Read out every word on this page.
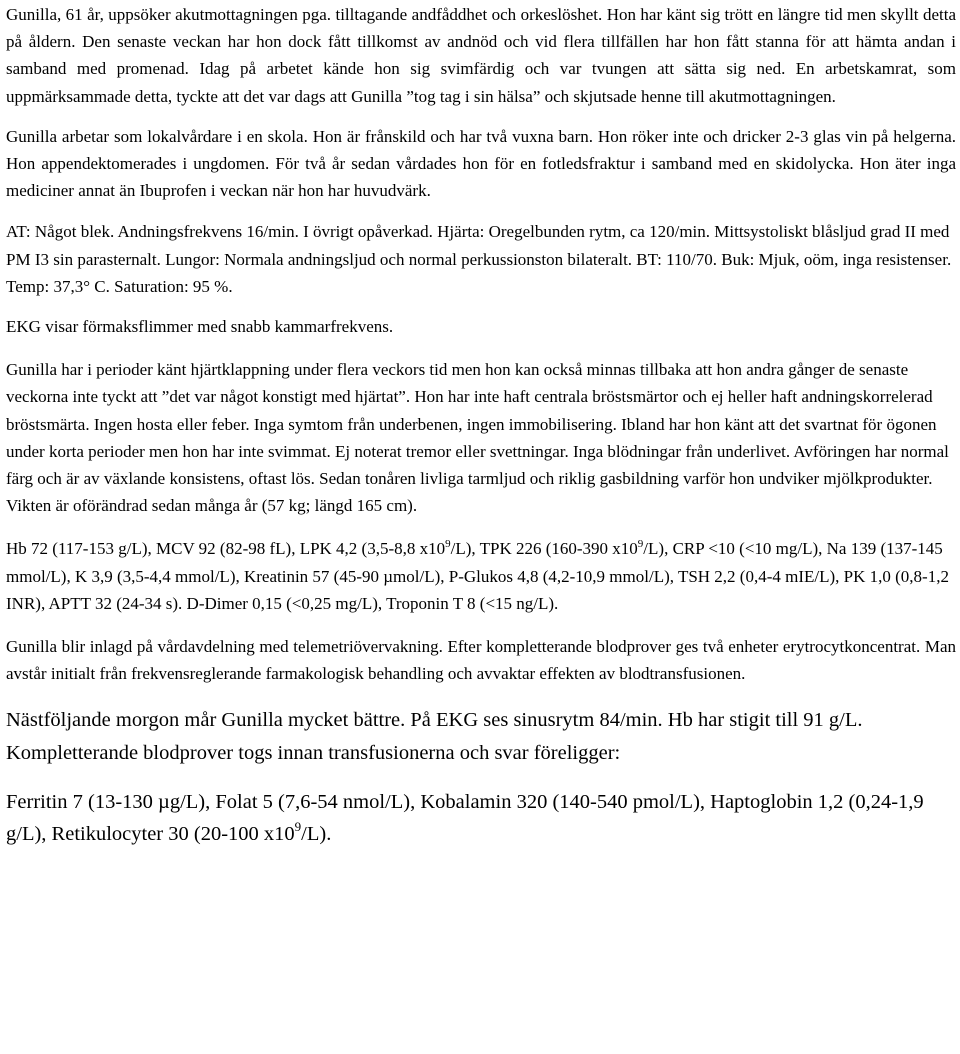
Gunilla, 61 år, uppsöker akutmottagningen pga. tilltagande andfåddhet och orkeslöshet. Hon har känt sig trött en längre tid men skyllt detta på åldern. Den senaste veckan har hon dock fått tillkomst av andnöd och vid flera tillfällen har hon fått stanna för att hämta andan i samband med promenad. Idag på arbetet kände hon sig svimfärdig och var tvungen att sätta sig ned. En arbetskamrat, som uppmärksammade detta, tyckte att det var dags att Gunilla ”tog tag i sin hälsa” och skjutsade henne till akutmottagningen.

Gunilla arbetar som lokalvårdare i en skola. Hon är frånskild och har två vuxna barn. Hon röker inte och dricker 2-3 glas vin på helgerna. Hon appendektomerades i ungdomen. För två år sedan vårdades hon för en fotledsfraktur i samband med en skidolycka. Hon äter inga mediciner annat än Ibuprofen i veckan när hon har huvudvärk.

AT: Något blek. Andningsfrekvens 16/min. I övrigt opåverkad. Hjärta: Oregelbunden rytm, ca 120/min. Mittsystoliskt blåsljud grad II med PM I3 sin parasternalt. Lungor: Normala andningsljud och normal perkussionston bilateralt. BT: 110/70. Buk: Mjuk, oöm, inga resistenser. Temp: 37,3° C. Saturation: 95 %.

EKG visar förmaksflimmer med snabb kammarfrekvens.

Gunilla har i perioder känt hjärtklappning under flera veckors tid men hon kan också minnas tillbaka att hon andra gånger de senaste veckorna inte tyckt att ”det var något konstigt med hjärtat”. Hon har inte haft centrala bröstsmärtor och ej heller haft andningskorrelerad bröstsmärta. Ingen hosta eller feber. Inga symtom från underbenen, ingen immobilisering. Ibland har hon känt att det svartnat för ögonen under korta perioder men hon har inte svimmat. Ej noterat tremor eller svettningar. Inga blödningar från underlivet. Avföringen har normal färg och är av växlande konsistens, oftast lös. Sedan tonåren livliga tarmljud och riklig gasbildning varför hon undviker mjölkprodukter. Vikten är oförändrad sedan många år (57 kg; längd 165 cm).

Hb 72 (117-153 g/L), MCV 92 (82-98 fL), LPK 4,2 (3,5-8,8 $x10^9/L$), TPK 226 (160-390 $x10^9/L$), CRP <10 (<10 mg/L), Na 139 (137-145 mmol/L), K 3,9 (3,5-4,4 mmol/L), Kreatinin 57 (45-90 µmol/L), P-Glukos 4,8 (4,2-10,9 mmol/L), TSH 2,2 (0,4-4 mIE/L), PK 1,0 (0,8-1,2 INR), APTT 32 (24-34 s). D-Dimer 0,15 (<0,25 mg/L), Troponin T 8 (<15 ng/L).

Gunilla blir inlagd på vårdavdelning med telemetriövervakning. Efter kompletterande blodprover ges två enheter erytrocytkoncentrat. Man avstår initialt från frekvensreglerande farmakologisk behandling och avvaktar effekten av blodtransfusionen.

Nästföljande morgon mår Gunilla mycket bättre. På EKG ses sinusrytm 84/min. Hb har stigit till 91 g/L. Kompletterande blodprover togs innan transfusionerna och svar föreligger:

Ferritin 7 (13-130 µg/L), Folat 5 (7,6-54 nmol/L), Kobalamin 320 (140-540 pmol/L), Haptoglobin 1,2 (0,24-1,9 g/L), Retikulocyter 30 (20-100 $x10^9/L$).
